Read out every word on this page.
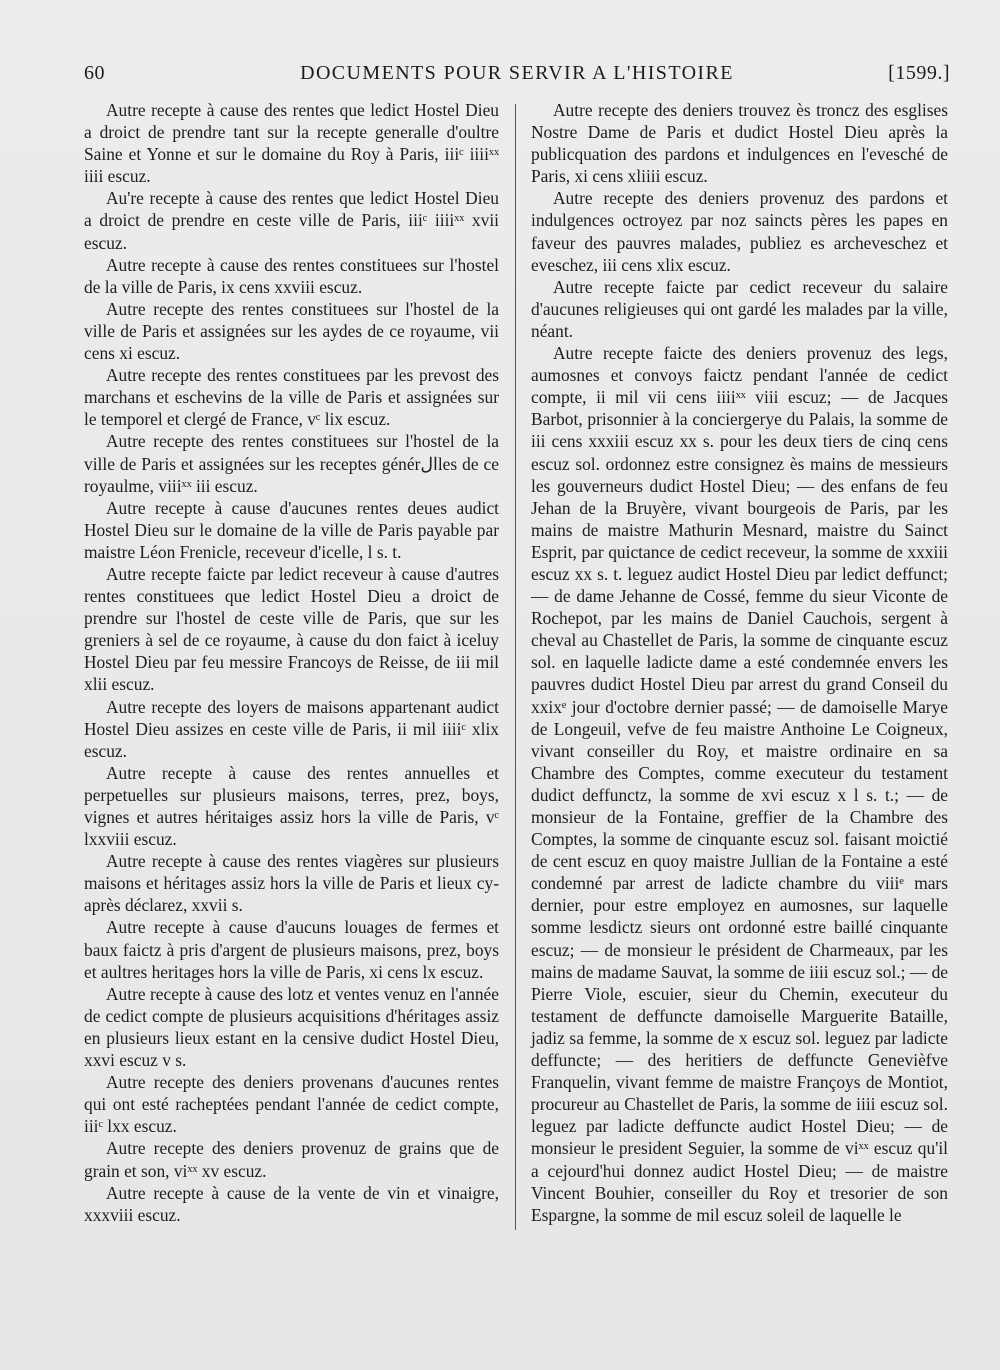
60	DOCUMENTS POUR SERVIR A L'HISTOIRE	[1599.]

Autre recepte à cause des rentes que ledict Hostel Dieu a droict de prendre tant sur la recepte generalle d'oultre Saine et Yonne et sur le domaine du Roy à Paris, iiiᶜ iiiiˣˣ iiii escuz.

Au're recepte à cause des rentes que ledict Hostel Dieu a droict de prendre en ceste ville de Paris, iiiᶜ iiiiˣˣ xvii escuz.

Autre recepte à cause des rentes constituees sur l'hostel de la ville de Paris, ix cens xxviii escuz.

Autre recepte des rentes constituees sur l'hostel de la ville de Paris et assignées sur les aydes de ce royaume, vii cens xi escuz.

Autre recepte des rentes constituees par les prevost des marchans et eschevins de la ville de Paris et assignées sur le temporel et clergé de France, vᶜ lix escuz.

Autre recepte des rentes constituees sur l'hostel de la ville de Paris et assignées sur les receptes générالles de ce royaulme, viiiˣˣ iii escuz.

Autre recepte à cause d'aucunes rentes deues audict Hostel Dieu sur le domaine de la ville de Paris payable par maistre Léon Frenicle, receveur d'icelle, l s. t.

Autre recepte faicte par ledict receveur à cause d'autres rentes constituees que ledict Hostel Dieu a droict de prendre sur l'hostel de ceste ville de Paris, que sur les greniers à sel de ce royaume, à cause du don faict à iceluy Hostel Dieu par feu messire Francoys de Reisse, de iii mil xlii escuz.

Autre recepte des loyers de maisons appartenant audict Hostel Dieu assizes en ceste ville de Paris, ii mil iiiiᶜ xlix escuz.

Autre recepte à cause des rentes annuelles et perpetuelles sur plusieurs maisons, terres, prez, boys, vignes et autres héritaiges assiz hors la ville de Paris, vᶜ lxxviii escuz.

Autre recepte à cause des rentes viagères sur plusieurs maisons et héritages assiz hors la ville de Paris et lieux cy-après déclarez, xxvii s.

Autre recepte à cause d'aucuns louages de fermes et baux faictz à pris d'argent de plusieurs maisons, prez, boys et aultres heritages hors la ville de Paris, xi cens lx escuz.

Autre recepte à cause des lotz et ventes venuz en l'année de cedict compte de plusieurs acquisitions d'héritages assiz en plusieurs lieux estant en la censive dudict Hostel Dieu, xxvi escuz v s.

Autre recepte des deniers provenans d'aucunes rentes qui ont esté racheptées pendant l'année de cedict compte, iiiᶜ lxx escuz.

Autre recepte des deniers provenuz de grains que de grain et son, viˣˣ xv escuz.

Autre recepte à cause de la vente de vin et vinaigre, xxxviii escuz.

Autre recepte des deniers trouvez ès troncz des esglises Nostre Dame de Paris et dudict Hostel Dieu après la publicquation des pardons et indulgences en l'evesché de Paris, xi cens xliiii escuz.

Autre recepte des deniers provenuz des pardons et indulgences octroyez par noz saincts pères les papes en faveur des pauvres malades, publiez es archeveschez et eveschez, iii cens xlix escuz.

Autre recepte faicte par cedict receveur du salaire d'aucunes religieuses qui ont gardé les malades par la ville, néant.

Autre recepte faicte des deniers provenuz des legs, aumosnes et convoys faictz pendant l'année de cedict compte, ii mil vii cens iiiiˣˣ viii escuz; — de Jacques Barbot, prisonnier à la conciergerye du Palais, la somme de iii cens xxxiii escuz xx s. pour les deux tiers de cinq cens escuz sol. ordonnez estre consignez ès mains de messieurs les gouverneurs dudict Hostel Dieu; — des enfans de feu Jehan de la Bruyère, vivant bourgeois de Paris, par les mains de maistre Mathurin Mesnard, maistre du Sainct Esprit, par quictance de cedict receveur, la somme de xxxiii escuz xx s. t. leguez audict Hostel Dieu par ledict deffunct; — de dame Jehanne de Cossé, femme du sieur Viconte de Rochepot, par les mains de Daniel Cauchois, sergent à cheval au Chastellet de Paris, la somme de cinquante escuz sol. en laquelle ladicte dame a esté condemnée envers les pauvres dudict Hostel Dieu par arrest du grand Conseil du xxixᵉ jour d'octobre dernier passé; — de damoiselle Marye de Longeuil, vefve de feu maistre Anthoine Le Coigneux, vivant conseiller du Roy, et maistre ordinaire en sa Chambre des Comptes, comme executeur du testament dudict deffunctz, la somme de xvi escuz x l s. t.; — de monsieur de la Fontaine, greffier de la Chambre des Comptes, la somme de cinquante escuz sol. faisant moictié de cent escuz en quoy maistre Jullian de la Fontaine a esté condemné par arrest de ladicte chambre du viiiᵉ mars dernier, pour estre employez en aumosnes, sur laquelle somme lesdictz sieurs ont ordonné estre baillé cinquante escuz; — de monsieur le président de Charmeaux, par les mains de madame Sauvat, la somme de iiii escuz sol.; — de Pierre Viole, escuier, sieur du Chemin, executeur du testament de deffuncte damoiselle Marguerite Bataille, jadiz sa femme, la somme de x escuz sol. leguez par ladicte deffuncte; — des heritiers de deffuncte Genevièfve Franquelin, vivant femme de maistre Françoys de Montiot, procureur au Chastellet de Paris, la somme de iiii escuz sol. leguez par ladicte deffuncte audict Hostel Dieu; — de monsieur le president Seguier, la somme de viˣˣ escuz qu'il a cejourd'hui donnez audict Hostel Dieu; — de maistre Vincent Bouhier, conseiller du Roy et tresorier de son Espargne, la somme de mil escuz soleil de laquelle le
